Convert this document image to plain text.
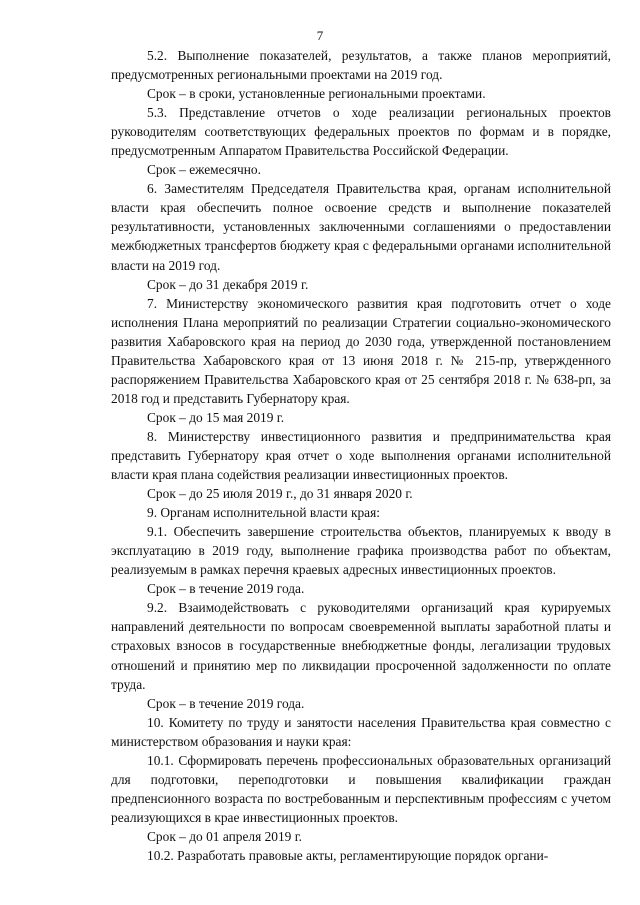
7

5.2. Выполнение показателей, результатов, а также планов мероприятий, предусмотренных региональными проектами на 2019 год.

Срок – в сроки, установленные региональными проектами.

5.3. Представление отчетов о ходе реализации региональных проектов руководителям соответствующих федеральных проектов по формам и в порядке, предусмотренным Аппаратом Правительства Российской Федерации.

Срок – ежемесячно.

6. Заместителям Председателя Правительства края, органам исполнительной власти края обеспечить полное освоение средств и выполнение показателей результативности, установленных заключенными соглашениями о предоставлении межбюджетных трансфертов бюджету края с федеральными органами исполнительной власти на 2019 год.

Срок – до 31 декабря 2019 г.

7. Министерству экономического развития края подготовить отчет о ходе исполнения Плана мероприятий по реализации Стратегии социально-экономического развития Хабаровского края на период до 2030 года, утвержденной постановлением Правительства Хабаровского края от 13 июня 2018 г. № 215-пр, утвержденного распоряжением Правительства Хабаровского края от 25 сентября 2018 г. № 638-рп, за 2018 год и представить Губернатору края.

Срок – до 15 мая 2019 г.

8. Министерству инвестиционного развития и предпринимательства края представить Губернатору края отчет о ходе выполнения органами исполнительной власти края плана содействия реализации инвестиционных проектов.

Срок – до 25 июля 2019 г., до 31 января 2020 г.

9. Органам исполнительной власти края:

9.1. Обеспечить завершение строительства объектов, планируемых к вводу в эксплуатацию в 2019 году, выполнение графика производства работ по объектам, реализуемым в рамках перечня краевых адресных инвестиционных проектов.

Срок – в течение 2019 года.

9.2. Взаимодействовать с руководителями организаций края курируемых направлений деятельности по вопросам своевременной выплаты заработной платы и страховых взносов в государственные внебюджетные фонды, легализации трудовых отношений и принятию мер по ликвидации просроченной задолженности по оплате труда.

Срок – в течение 2019 года.

10. Комитету по труду и занятости населения Правительства края совместно с министерством образования и науки края:

10.1. Сформировать перечень профессиональных образовательных организаций для подготовки, переподготовки и повышения квалификации граждан предпенсионного возраста по востребованным и перспективным профессиям с учетом реализующихся в крае инвестиционных проектов.

Срок – до 01 апреля 2019 г.

10.2. Разработать правовые акты, регламентирующие порядок органи-
